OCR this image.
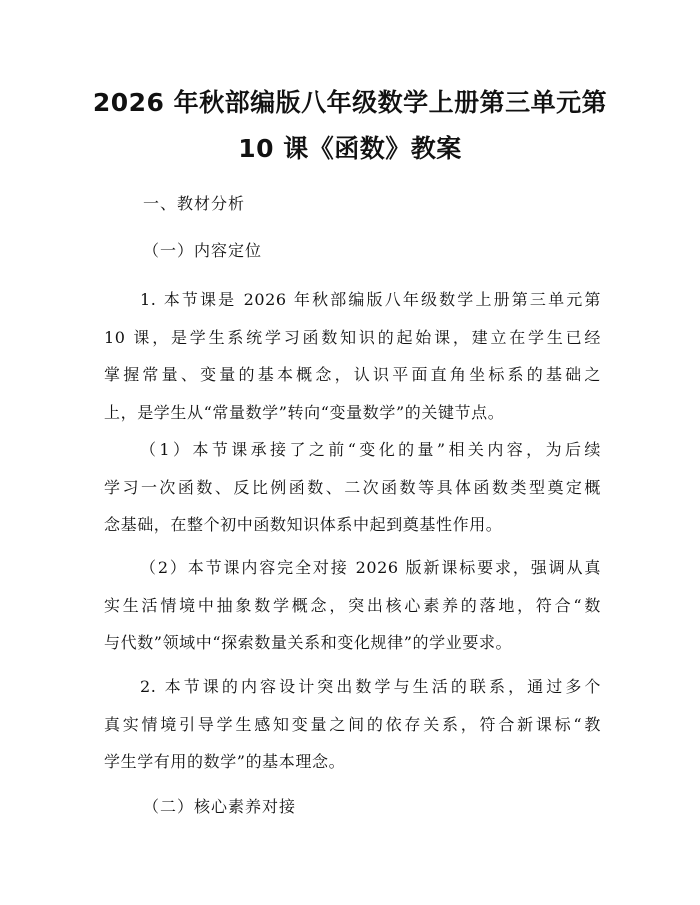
2026 年秋部编版八年级数学上册第三单元第
10 课《函数》教案
一、教材分析
（一）内容定位
1. 本节课是 2026 年秋部编版八年级数学上册第三单元第
10 课，是学生系统学习函数知识的起始课，建立在学生已经
掌握常量、变量的基本概念，认识平面直角坐标系的基础之
上，是学生从“常量数学”转向“变量数学”的关键节点。
（1）本节课承接了之前“变化的量”相关内容，为后续
学习一次函数、反比例函数、二次函数等具体函数类型奠定概
念基础，在整个初中函数知识体系中起到奠基性作用。
（2）本节课内容完全对接 2026 版新课标要求，强调从真
实生活情境中抽象数学概念，突出核心素养的落地，符合“数
与代数”领域中“探索数量关系和变化规律”的学业要求。
2. 本节课的内容设计突出数学与生活的联系，通过多个
真实情境引导学生感知变量之间的依存关系，符合新课标“教
学生学有用的数学”的基本理念。
（二）核心素养对接
